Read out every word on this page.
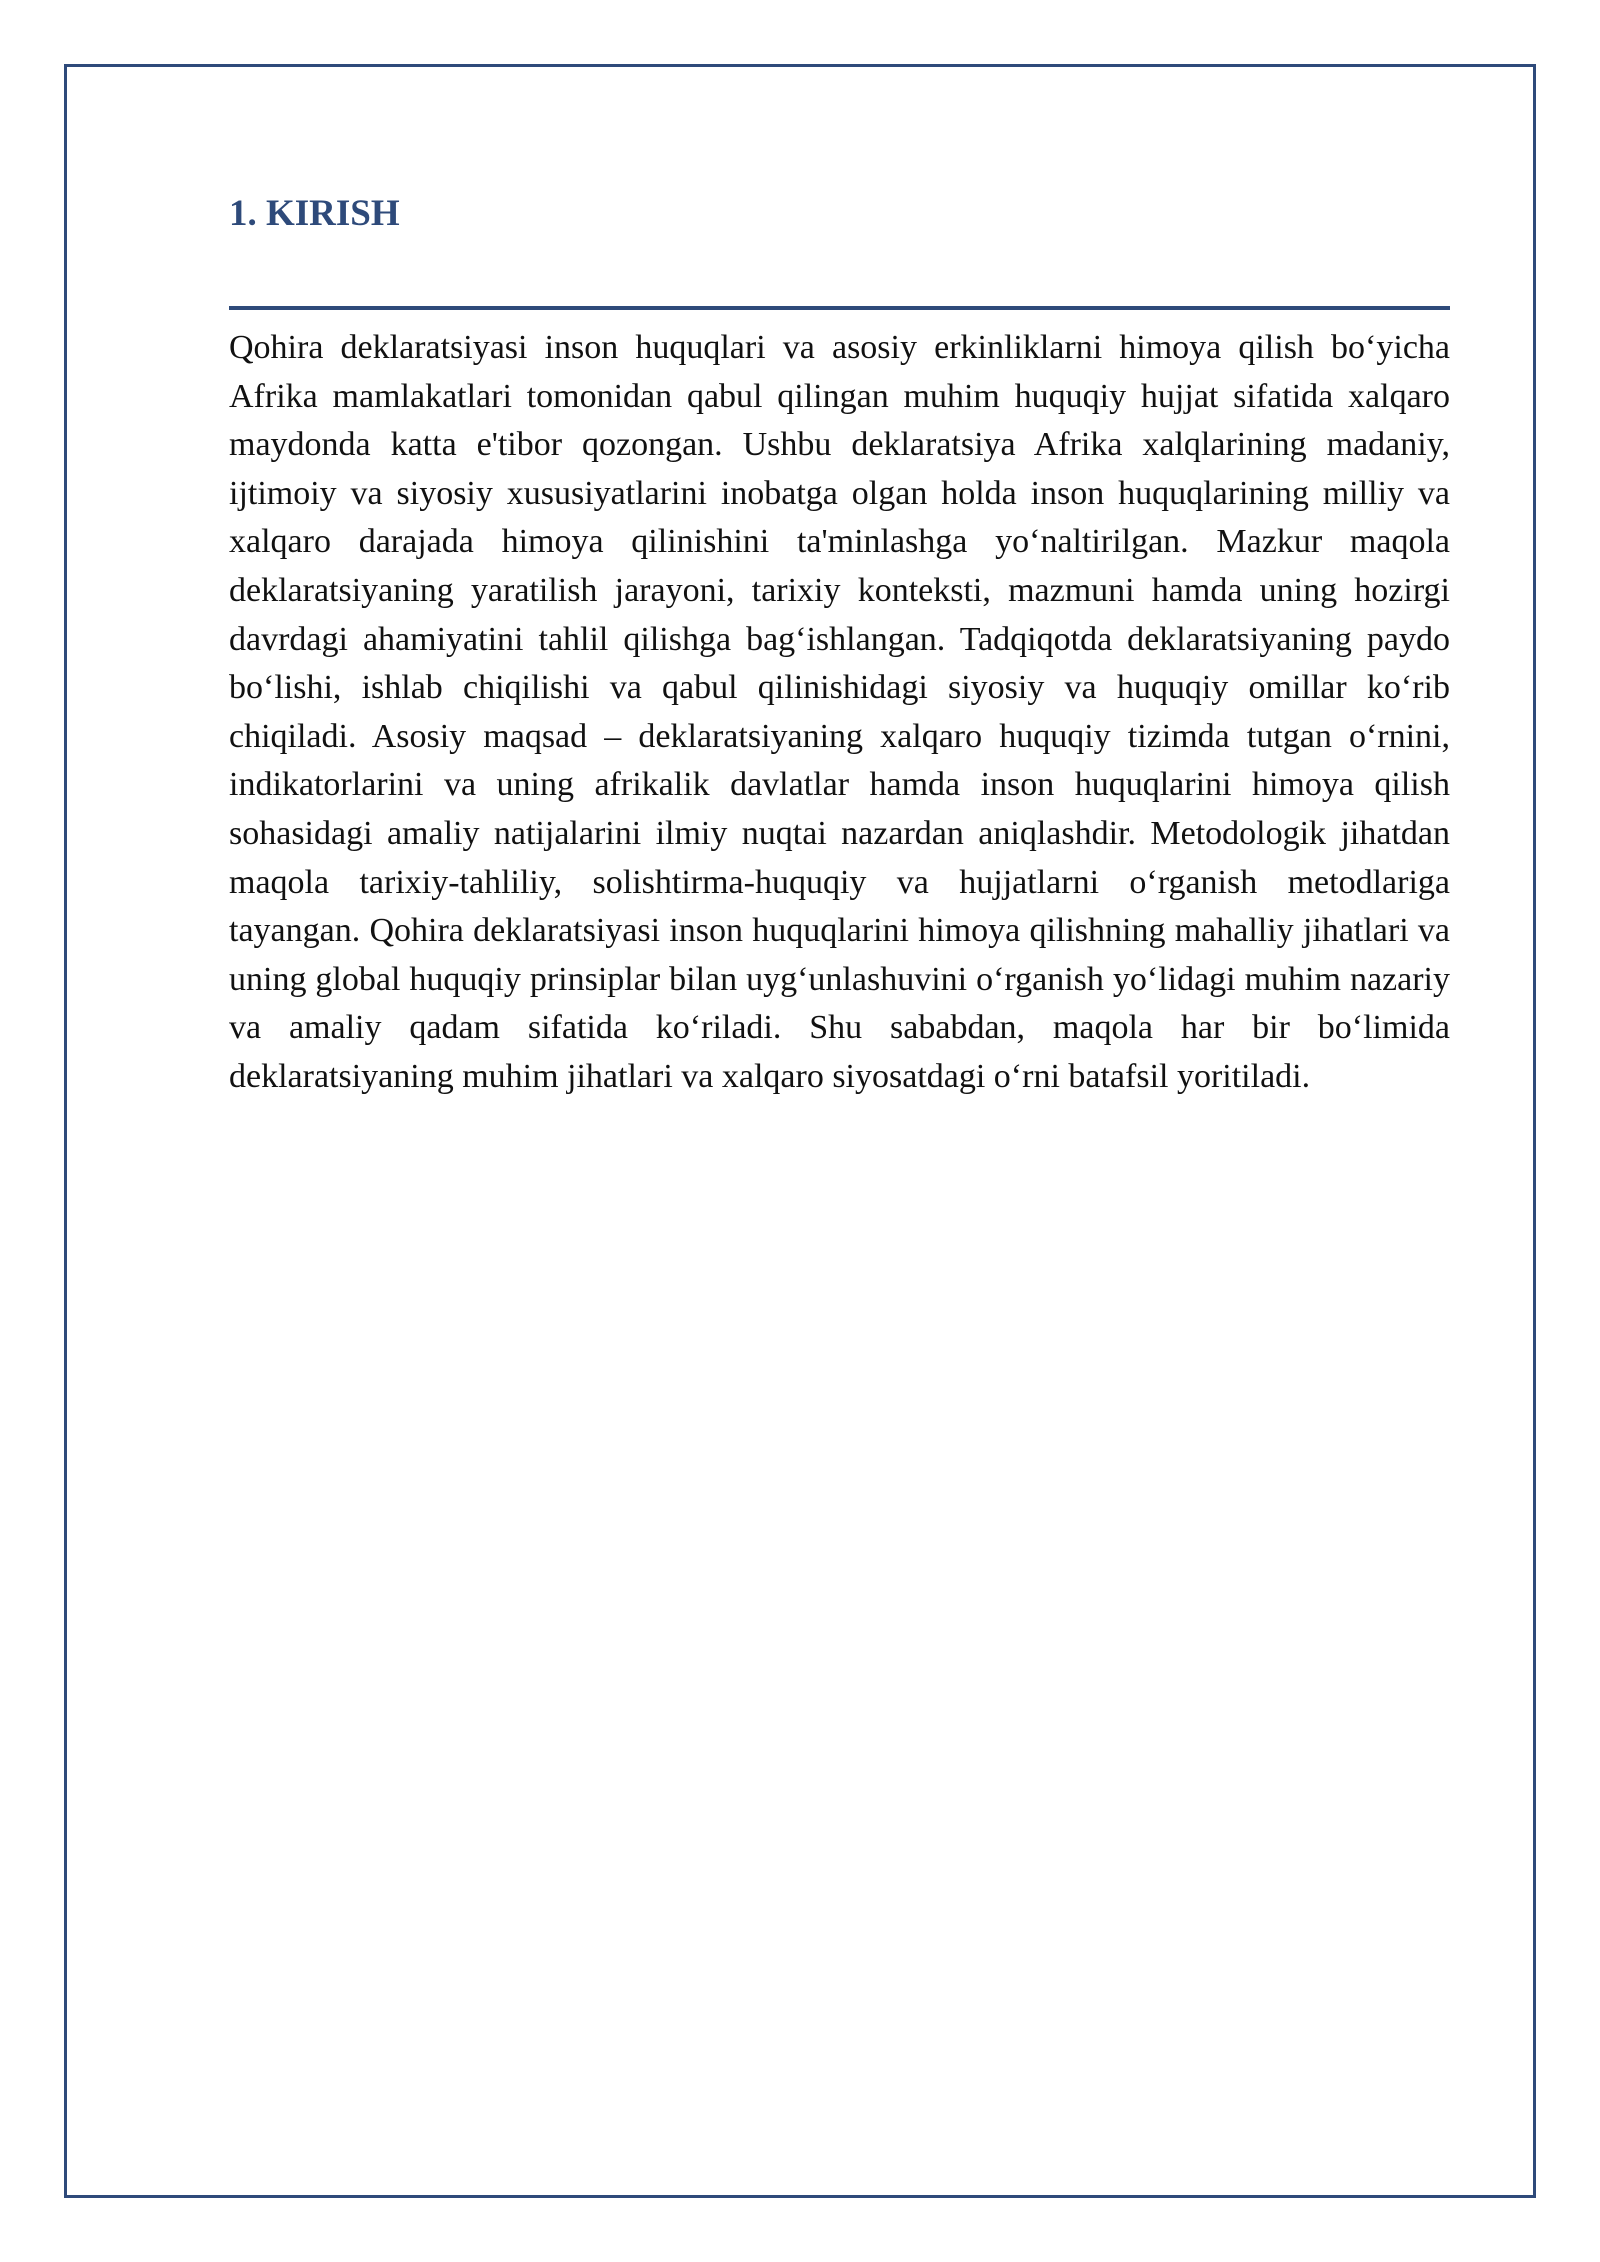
1. KIRISH

Qohira deklaratsiyasi inson huquqlari va asosiy erkinliklarni himoya qilish bo‘yicha Afrika mamlakatlari tomonidan qabul qilingan muhim huquqiy hujjat sifatida xalqaro maydonda katta e'tibor qozongan. Ushbu deklaratsiya Afrika xalqlarining madaniy, ijtimoiy va siyosiy xususiyatlarini inobatga olgan holda inson huquqlarining milliy va xalqaro darajada himoya qilinishini ta'minlashga yo‘naltirilgan. Mazkur maqola deklaratsiyaning yaratilish jarayoni, tarixiy konteksti, mazmuni hamda uning hozirgi davrdagi ahamiyatini tahlil qilishga bag‘ishlangan. Tadqiqotda deklaratsiyaning paydo bo‘lishi, ishlab chiqilishi va qabul qilinishidagi siyosiy va huquqiy omillar ko‘rib chiqiladi. Asosiy maqsad – deklaratsiyaning xalqaro huquqiy tizimda tutgan o‘rnini, indikatorlarini va uning afrikalik davlatlar hamda inson huquqlarini himoya qilish sohasidagi amaliy natijalarini ilmiy nuqtai nazardan aniqlashdir. Metodologik jihatdan maqola tarixiy-tahliliy, solishtirma-huquqiy va hujjatlarni o‘rganish metodlariga tayangan. Qohira deklaratsiyasi inson huquqlarini himoya qilishning mahalliy jihatlari va uning global huquqiy prinsiplar bilan uyg‘unlashuvini o‘rganish yo‘lidagi muhim nazariy va amaliy qadam sifatida ko‘riladi. Shu sababdan, maqola har bir bo‘limida deklaratsiyaning muhim jihatlari va xalqaro siyosatdagi o‘rni batafsil yoritiladi.
